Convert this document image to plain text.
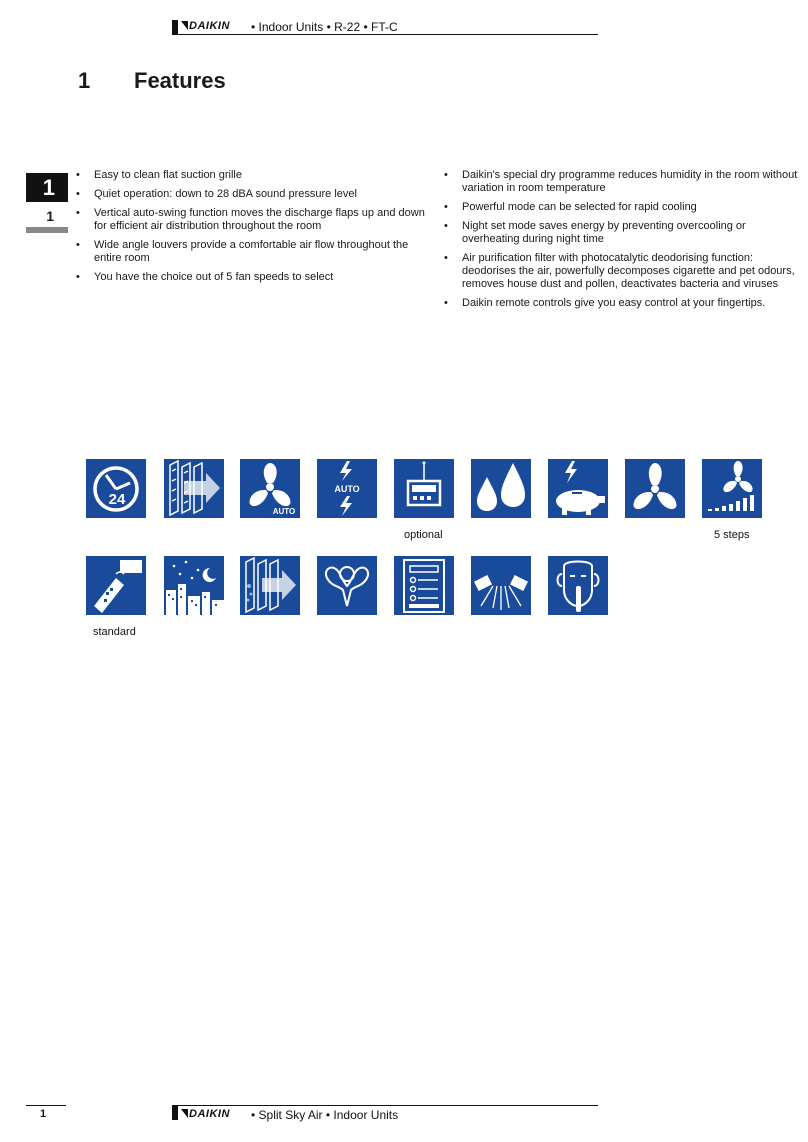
DAIKIN • Indoor Units • R-22 • FT-C
1 Features
1
1
• Easy to clean flat suction grille
• Quiet operation: down to 28 dBA sound pressure level
• Vertical auto-swing function moves the discharge flaps up and down for efficient air distribution throughout the room
• Wide angle louvers provide a comfortable air flow throughout the entire room
• You have the choice out of 5 fan speeds to select
• Daikin's special dry programme reduces humidity in the room without variation in room temperature
• Powerful mode can be selected for rapid cooling
• Night set mode saves energy by preventing overcooling or overheating during night time
• Air purification filter with photocatalytic deodorising function: deodorises the air, powerfully decomposes cigarette and pet odours, removes house dust and pollen, deactivates bacteria and viruses
• Daikin remote controls give you easy control at your fingertips.
24
AUTO
AUTO
DRY
optional	5 steps
standard
1	DAIKIN • Split Sky Air • Indoor Units
